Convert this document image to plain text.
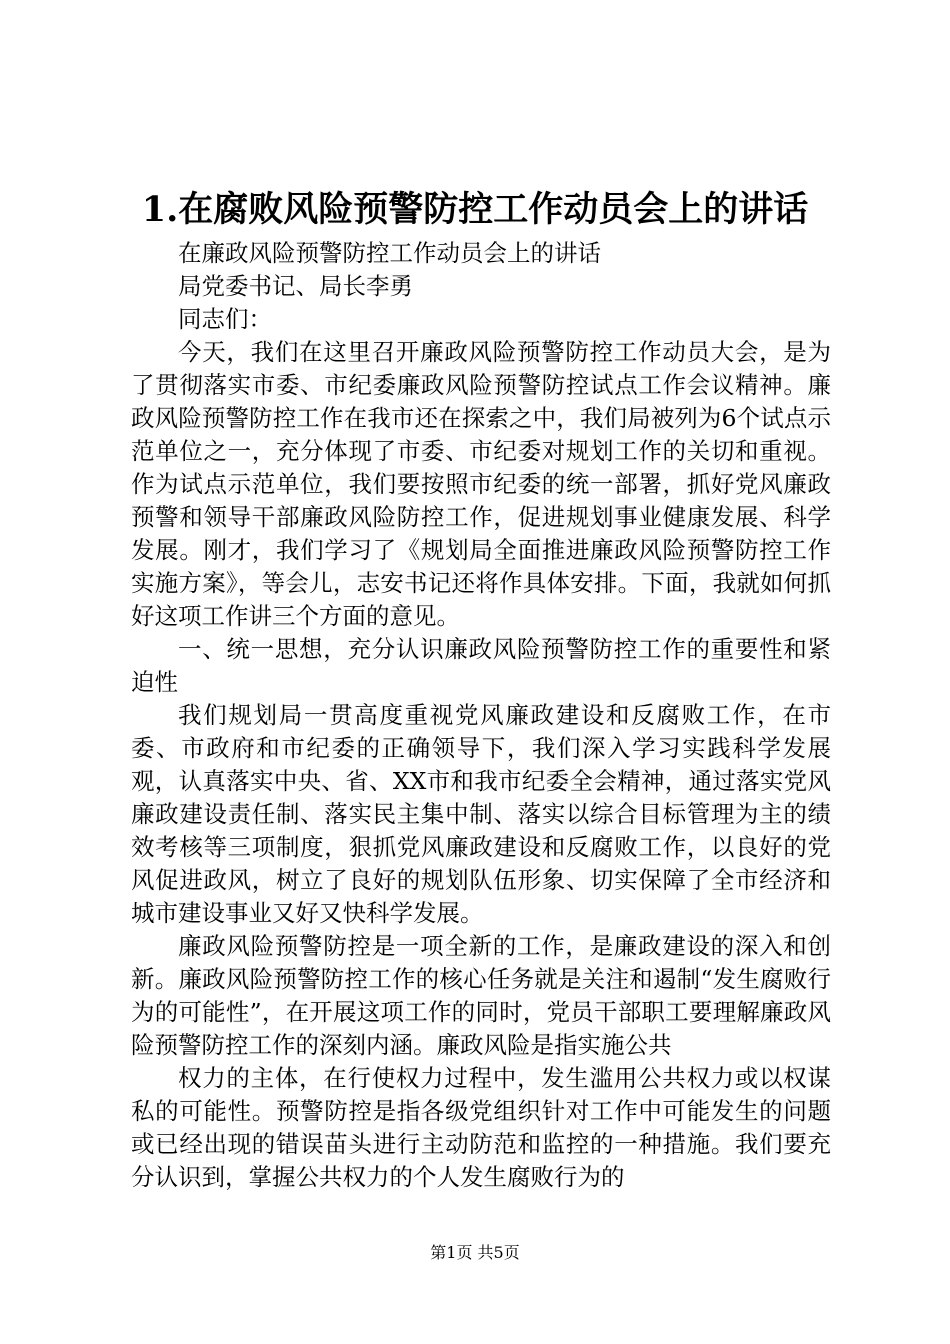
1.在腐败风险预警防控工作动员会上的讲话

在廉政风险预警防控工作动员会上的讲话

局党委书记、局长李勇

同志们：

今天，我们在这里召开廉政风险预警防控工作动员大会，是为了贯彻落实市委、市纪委廉政风险预警防控试点工作会议精神。廉政风险预警防控工作在我市还在探索之中，我们局被列为6个试点示范单位之一，充分体现了市委、市纪委对规划工作的关切和重视。作为试点示范单位，我们要按照市纪委的统一部署，抓好党风廉政预警和领导干部廉政风险防控工作，促进规划事业健康发展、科学发展。刚才，我们学习了《规划局全面推进廉政风险预警防控工作实施方案》，等会儿，志安书记还将作具体安排。下面，我就如何抓好这项工作讲三个方面的意见。

一、统一思想，充分认识廉政风险预警防控工作的重要性和紧迫性

我们规划局一贯高度重视党风廉政建设和反腐败工作，在市委、市政府和市纪委的正确领导下，我们深入学习实践科学发展观，认真落实中央、省、XX市和我市纪委全会精神，通过落实党风廉政建设责任制、落实民主集中制、落实以综合目标管理为主的绩效考核等三项制度，狠抓党风廉政建设和反腐败工作，以良好的党风促进政风，树立了良好的规划队伍形象、切实保障了全市经济和城市建设事业又好又快科学发展。

廉政风险预警防控是一项全新的工作，是廉政建设的深入和创新。廉政风险预警防控工作的核心任务就是关注和遏制“发生腐败行为的可能性”，在开展这项工作的同时，党员干部职工要理解廉政风险预警防控工作的深刻内涵。廉政风险是指实施公共

权力的主体，在行使权力过程中，发生滥用公共权力或以权谋私的可能性。预警防控是指各级党组织针对工作中可能发生的问题或已经出现的错误苗头进行主动防范和监控的一种措施。我们要充分认识到，掌握公共权力的个人发生腐败行为的

第1页 共5页
